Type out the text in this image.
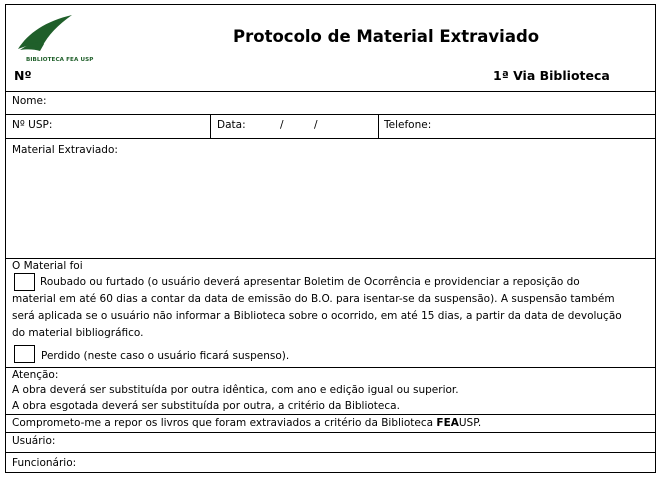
BIBLIOTECA FEA USP
Protocolo de Material Extraviado
Nº	1ª Via Biblioteca
Nome:
Nº USP:	Data:	/	/	Telefone:
Material Extraviado:
O Material foi
Roubado ou furtado (o usuário deverá apresentar Boletim de Ocorrência e providenciar a reposição do
material em até 60 dias a contar da data de emissão do B.O. para isentar-se da suspensão). A suspensão também
será aplicada se o usuário não informar a Biblioteca sobre o ocorrido, em até 15 dias, a partir da data de devolução
do material bibliográfico.
Perdido (neste caso o usuário ficará suspenso).
Atenção:
A obra deverá ser substituída por outra idêntica, com ano e edição igual ou superior.
A obra esgotada deverá ser substituída por outra, a critério da Biblioteca.
Comprometo-me a repor os livros que foram extraviados a critério da Biblioteca FEAUSP.
Usuário:
Funcionário:
